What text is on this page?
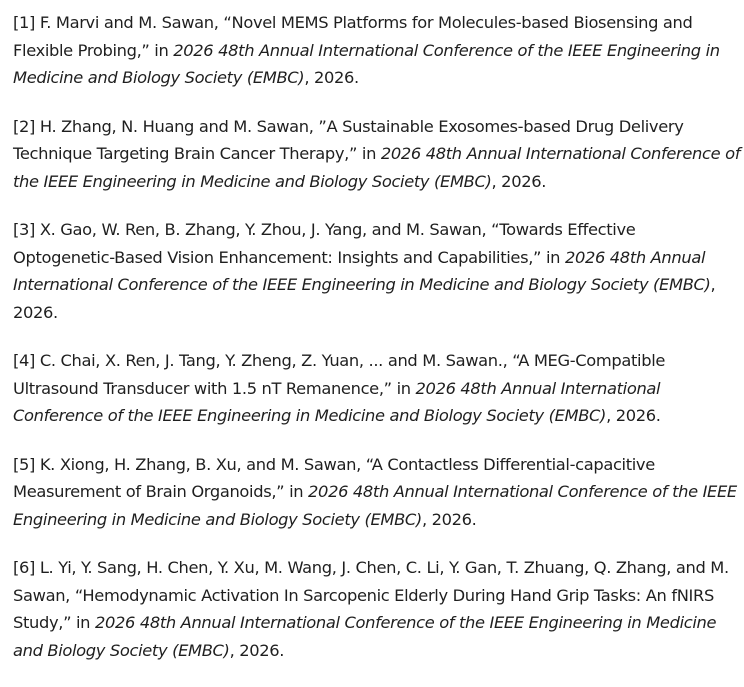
[1] F. Marvi and M. Sawan, “Novel MEMS Platforms for Molecules-based Biosensing and Flexible Probing,” in 2026 48th Annual International Conference of the IEEE Engineering in Medicine and Biology Society (EMBC), 2026.

[2] H. Zhang, N. Huang and M. Sawan, ”A Sustainable Exosomes-based Drug Delivery Technique Targeting Brain Cancer Therapy,” in 2026 48th Annual International Conference of the IEEE Engineering in Medicine and Biology Society (EMBC), 2026.

[3] X. Gao, W. Ren, B. Zhang, Y. Zhou, J. Yang, and M. Sawan, “Towards Effective Optogenetic-Based Vision Enhancement: Insights and Capabilities,” in 2026 48th Annual International Conference of the IEEE Engineering in Medicine and Biology Society (EMBC), 2026.

[4] C. Chai, X. Ren, J. Tang, Y. Zheng, Z. Yuan, ... and M. Sawan., “A MEG-Compatible Ultrasound Transducer with 1.5 nT Remanence,” in 2026 48th Annual International Conference of the IEEE Engineering in Medicine and Biology Society (EMBC), 2026.

[5] K. Xiong, H. Zhang, B. Xu, and M. Sawan, “A Contactless Differential-capacitive Measurement of Brain Organoids,” in 2026 48th Annual International Conference of the IEEE Engineering in Medicine and Biology Society (EMBC), 2026.

[6] L. Yi, Y. Sang, H. Chen, Y. Xu, M. Wang, J. Chen, C. Li, Y. Gan, T. Zhuang, Q. Zhang, and M. Sawan, “Hemodynamic Activation In Sarcopenic Elderly During Hand Grip Tasks: An fNIRS Study,” in 2026 48th Annual International Conference of the IEEE Engineering in Medicine and Biology Society (EMBC), 2026.
